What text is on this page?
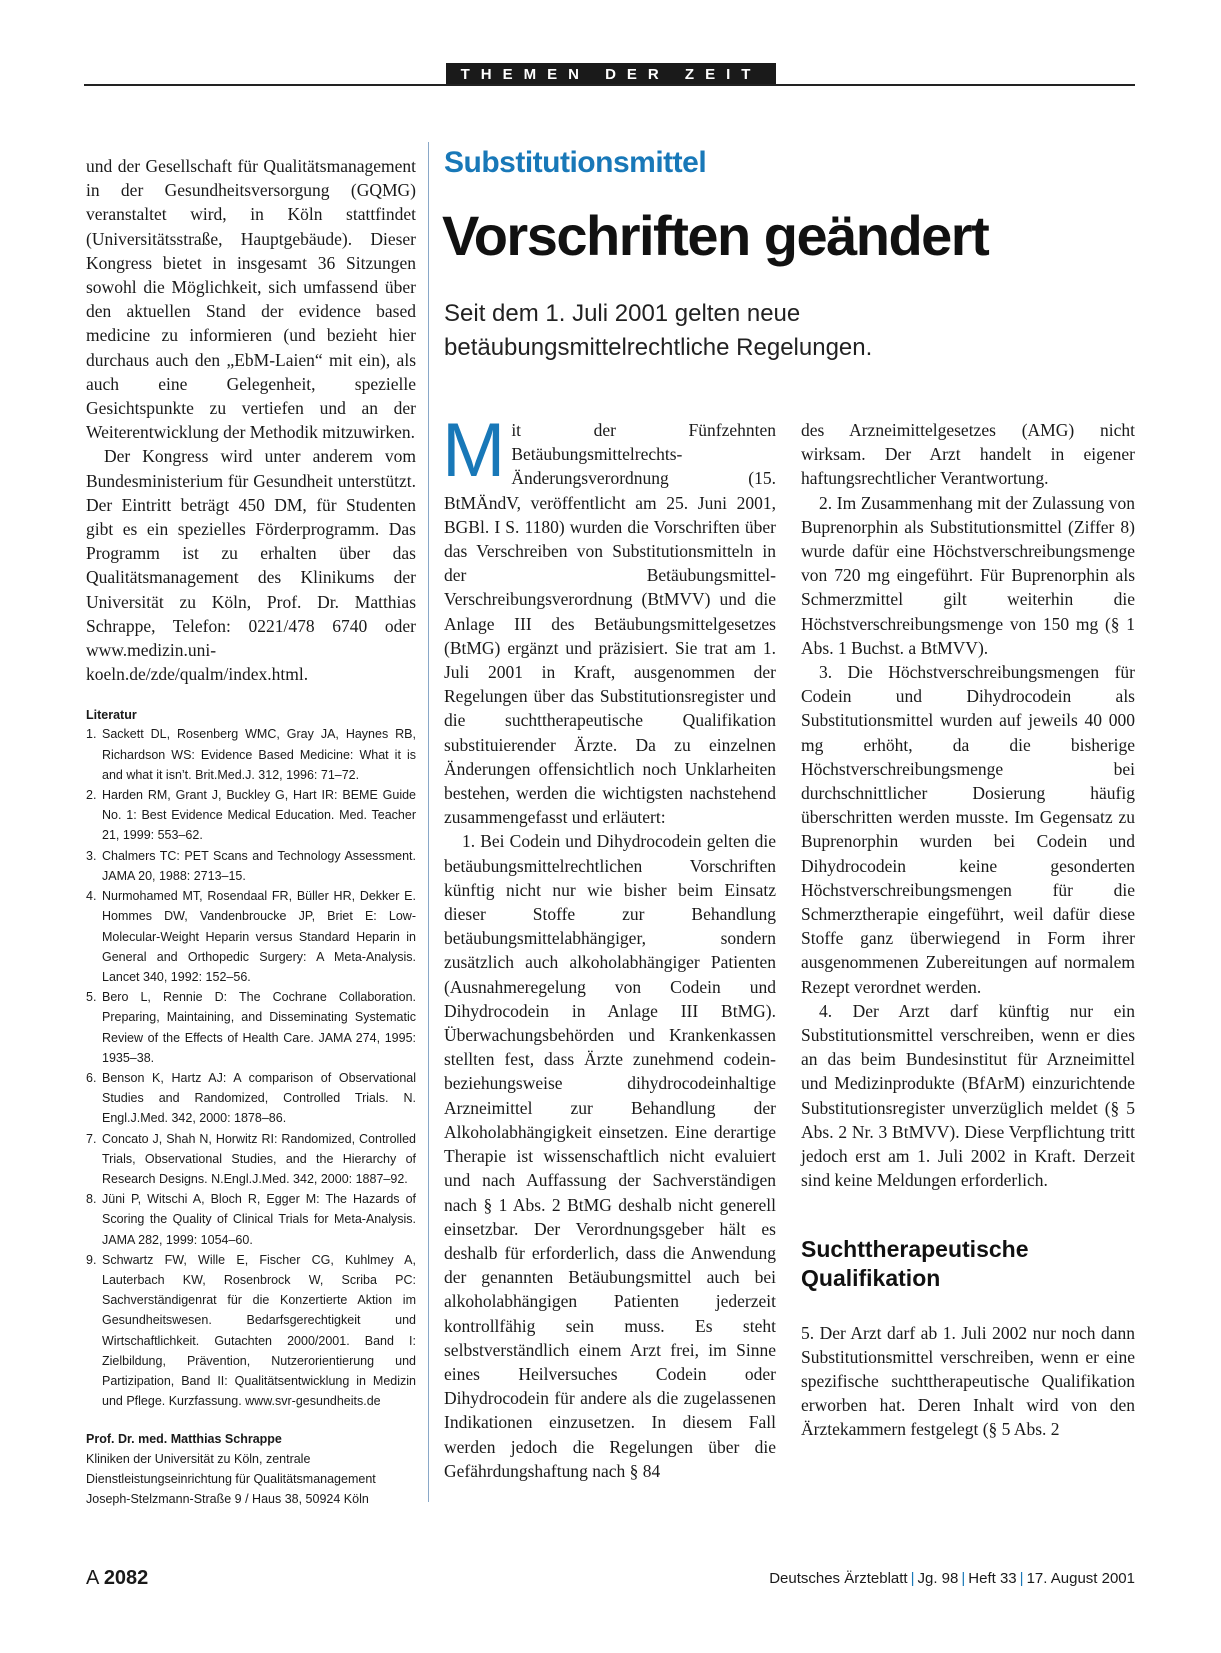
THEMEN DER ZEIT

und der Gesellschaft für Qualitätsmanagement in der Gesundheitsversorgung (GQMG) veranstaltet wird, in Köln stattfindet (Universitätsstraße, Hauptgebäude). Dieser Kongress bietet in insgesamt 36 Sitzungen sowohl die Möglichkeit, sich umfassend über den aktuellen Stand der evidence based medicine zu informieren (und bezieht hier durchaus auch den „EbM-Laien“ mit ein), als auch eine Gelegenheit, spezielle Gesichtspunkte zu vertiefen und an der Weiterentwicklung der Methodik mitzuwirken.

Der Kongress wird unter anderem vom Bundesministerium für Gesundheit unterstützt. Der Eintritt beträgt 450 DM, für Studenten gibt es ein spezielles Förderprogramm. Das Programm ist zu erhalten über das Qualitätsmanagement des Klinikums der Universität zu Köln, Prof. Dr. Matthias Schrappe, Telefon: 0221/478 6740 oder www.medizin.uni-koeln.de/zde/qualm/index.html.

Literatur
1. Sackett DL, Rosenberg WMC, Gray JA, Haynes RB, Richardson WS: Evidence Based Medicine: What it is and what it isn’t. Brit.Med.J. 312, 1996: 71–72.
2. Harden RM, Grant J, Buckley G, Hart IR: BEME Guide No. 1: Best Evidence Medical Education. Med. Teacher 21, 1999: 553–62.
3. Chalmers TC: PET Scans and Technology Assessment. JAMA 20, 1988: 2713–15.
4. Nurmohamed MT, Rosendaal FR, Büller HR, Dekker E. Hommes DW, Vandenbroucke JP, Briet E: Low-Molecular-Weight Heparin versus Standard Heparin in General and Orthopedic Surgery: A Meta-Analysis. Lancet 340, 1992: 152–56.
5. Bero L, Rennie D: The Cochrane Collaboration. Preparing, Maintaining, and Disseminating Systematic Review of the Effects of Health Care. JAMA 274, 1995: 1935–38.
6. Benson K, Hartz AJ: A comparison of Observational Studies and Randomized, Controlled Trials. N. Engl.J.Med. 342, 2000: 1878–86.
7. Concato J, Shah N, Horwitz RI: Randomized, Controlled Trials, Observational Studies, and the Hierarchy of Research Designs. N.Engl.J.Med. 342, 2000: 1887–92.
8. Jüni P, Witschi A, Bloch R, Egger M: The Hazards of Scoring the Quality of Clinical Trials for Meta-Analysis. JAMA 282, 1999: 1054–60.
9. Schwartz FW, Wille E, Fischer CG, Kuhlmey A, Lauterbach KW, Rosenbrock W, Scriba PC: Sachverständigenrat für die Konzertierte Aktion im Gesundheitswesen. Bedarfsgerechtigkeit und Wirtschaftlichkeit. Gutachten 2000/2001. Band I: Zielbildung, Prävention, Nutzerorientierung und Partizipation, Band II: Qualitätsentwicklung in Medizin und Pflege. Kurzfassung. www.svr-gesundheits.de
Prof. Dr. med. Matthias Schrappe
Kliniken der Universität zu Köln, zentrale Dienstleistungseinrichtung für Qualitätsmanagement
Joseph-Stelzmann-Straße 9 / Haus 38, 50924 Köln
Substitutionsmittel
Vorschriften geändert
Seit dem 1. Juli 2001 gelten neue betäubungsmittelrechtliche Regelungen.

Mit der Fünfzehnten Betäubungsmittelrechts-Änderungsverordnung (15. BtMÄndV, veröffentlicht am 25. Juni 2001, BGBl. I S. 1180) wurden die Vorschriften über das Verschreiben von Substitutionsmitteln in der Betäubungsmittel-Verschreibungsverordnung (BtMVV) und die Anlage III des Betäubungsmittelgesetzes (BtMG) ergänzt und präzisiert. Sie trat am 1. Juli 2001 in Kraft, ausgenommen der Regelungen über das Substitutionsregister und die suchttherapeutische Qualifikation substituierender Ärzte. Da zu einzelnen Änderungen offensichtlich noch Unklarheiten bestehen, werden die wichtigsten nachstehend zusammengefasst und erläutert:

1. Bei Codein und Dihydrocodein gelten die betäubungsmittelrechtlichen Vorschriften künftig nicht nur wie bisher beim Einsatz dieser Stoffe zur Behandlung betäubungsmittelabhängiger, sondern zusätzlich auch alkoholabhängiger Patienten (Ausnahmeregelung von Codein und Dihydrocodein in Anlage III BtMG). Überwachungsbehörden und Krankenkassen stellten fest, dass Ärzte zunehmend codein- beziehungsweise dihydrocodeinhaltige Arzneimittel zur Behandlung der Alkoholabhängigkeit einsetzen. Eine derartige Therapie ist wissenschaftlich nicht evaluiert und nach Auffassung der Sachverständigen nach § 1 Abs. 2 BtMG deshalb nicht generell einsetzbar. Der Verordnungsgeber hält es deshalb für erforderlich, dass die Anwendung der genannten Betäubungsmittel auch bei alkoholabhängigen Patienten jederzeit kontrollfähig sein muss. Es steht selbstverständlich einem Arzt frei, im Sinne eines Heilversuches Codein oder Dihydrocodein für andere als die zugelassenen Indikationen einzusetzen. In diesem Fall werden jedoch die Regelungen über die Gefährdungshaftung nach § 84

des Arzneimittelgesetzes (AMG) nicht wirksam. Der Arzt handelt in eigener haftungsrechtlicher Verantwortung.

2. Im Zusammenhang mit der Zulassung von Buprenorphin als Substitutionsmittel (Ziffer 8) wurde dafür eine Höchstverschreibungsmenge von 720 mg eingeführt. Für Buprenorphin als Schmerzmittel gilt weiterhin die Höchstverschreibungsmenge von 150 mg (§ 1 Abs. 1 Buchst. a BtMVV).

3. Die Höchstverschreibungsmengen für Codein und Dihydrocodein als Substitutionsmittel wurden auf jeweils 40 000 mg erhöht, da die bisherige Höchstverschreibungsmenge bei durchschnittlicher Dosierung häufig überschritten werden musste. Im Gegensatz zu Buprenorphin wurden bei Codein und Dihydrocodein keine gesonderten Höchstverschreibungsmengen für die Schmerztherapie eingeführt, weil dafür diese Stoffe ganz überwiegend in Form ihrer ausgenommenen Zubereitungen auf normalem Rezept verordnet werden.

4. Der Arzt darf künftig nur ein Substitutionsmittel verschreiben, wenn er dies an das beim Bundesinstitut für Arzneimittel und Medizinprodukte (BfArM) einzurichtende Substitutionsregister unverzüglich meldet (§ 5 Abs. 2 Nr. 3 BtMVV). Diese Verpflichtung tritt jedoch erst am 1. Juli 2002 in Kraft. Derzeit sind keine Meldungen erforderlich.

Suchttherapeutische Qualifikation

5. Der Arzt darf ab 1. Juli 2002 nur noch dann Substitutionsmittel verschreiben, wenn er eine spezifische suchttherapeutische Qualifikation erworben hat. Deren Inhalt wird von den Ärztekammern festgelegt (§ 5 Abs. 2

A 2082	Deutsches Ärzteblatt | Jg. 98 | Heft 33 | 17. August 2001
